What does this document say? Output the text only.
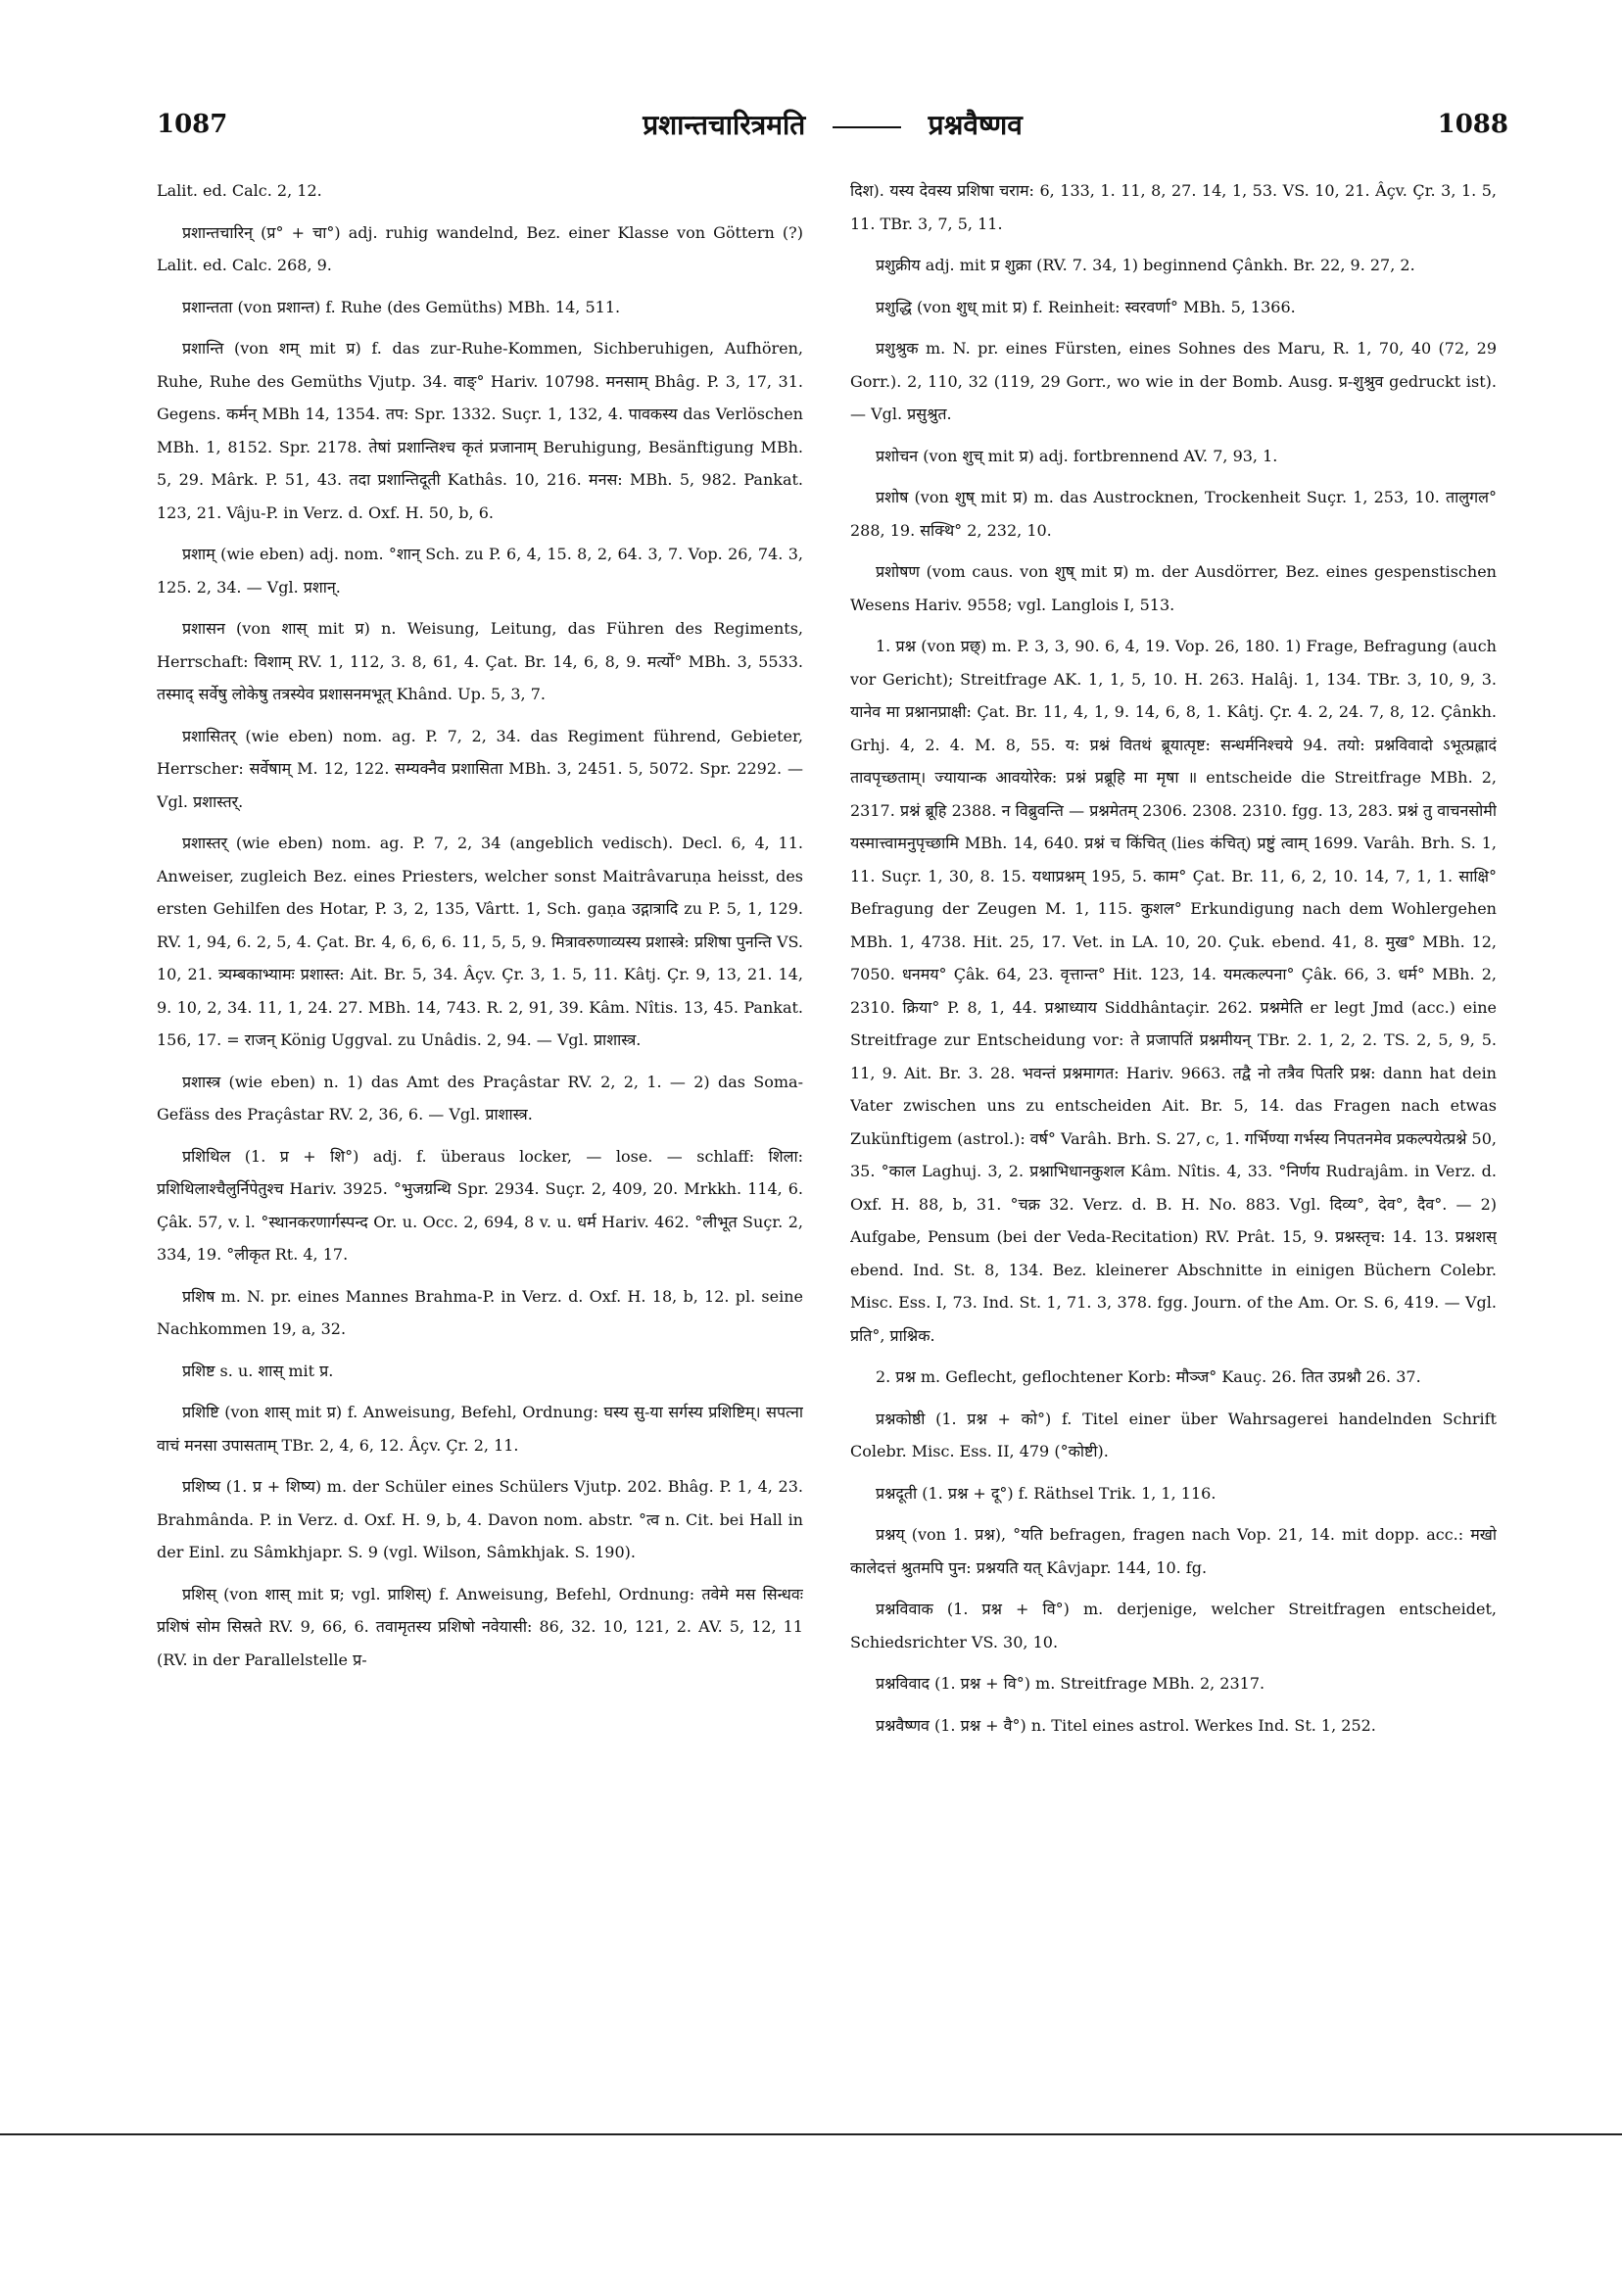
1087	प्रशान्तचारित्रमति	प्रश्नवैष्णव	1088

Lalit. ed. Calc. 2, 12.

प्रशान्तचारिन् (प्र° + चा°) adj. ruhig wandelnd, Bez. einer Klasse von Göttern (?) Lalit. ed. Calc. 268, 9.

प्रशान्तता (von प्रशान्त) f. Ruhe (des Gemüths) MBh. 14, 511.

प्रशान्ति (von शम् mit प्र) f. das zur-Ruhe-Kommen, Sichberuhigen, Aufhören, Ruhe, Ruhe des Gemüths Vjutp. 34. वाङ्° Hariv. 10798. मनसाम् Bhâg. P. 3, 17, 31. Gegens. कर्मन् MBh 14, 1354. तप: Spr. 1332. Suçr. 1, 132, 4. पावकस्य das Verlöschen MBh. 1, 8152. Spr. 2178. तेषां प्रशान्तिश्च कृतं प्रजानाम् Beruhigung, Besänftigung MBh. 5, 29. Mârk. P. 51, 43. तदा प्रशान्तिदूती Kathâs. 10, 216. मनस: MBh. 5, 982. Pankat. 123, 21. Vâju-P. in Verz. d. Oxf. H. 50, b, 6.

प्रशाम् (wie eben) adj. nom. °शान् Sch. zu P. 6, 4, 15. 8, 2, 64. 3, 7. Vop. 26, 74. 3, 125. 2, 34. — Vgl. प्रशान्.

प्रशासन (von शास् mit प्र) n. Weisung, Leitung, das Führen des Regiments, Herrschaft: विशाम् RV. 1, 112, 3. 8, 61, 4. Çat. Br. 14, 6, 8, 9. मर्त्यो° MBh. 3, 5533. तस्माद् सर्वेषु लोकेषु तत्रस्येव प्रशासनमभूत् Khând. Up. 5, 3, 7.

प्रशासितर् (wie eben) nom. ag. P. 7, 2, 34. das Regiment führend, Gebieter, Herrscher: सर्वेषाम् M. 12, 122. सम्यक्नैव प्रशासिता MBh. 3, 2451. 5, 5072. Spr. 2292. — Vgl. प्रशास्तर्.

प्रशास्तर् (wie eben) nom. ag. P. 7, 2, 34 (angeblich vedisch). Decl. 6, 4, 11. Anweiser, zugleich Bez. eines Priesters, welcher sonst Maitrâvaruṇa heisst, des ersten Gehilfen des Hotar, P. 3, 2, 135, Vârtt. 1, Sch. gaṇa उद्गात्रादि zu P. 5, 1, 129. RV. 1, 94, 6. 2, 5, 4. Çat. Br. 4, 6, 6, 6. 11, 5, 5, 9. मित्रावरुणाव्यस्य प्रशास्त्रे: प्रशिषा पुनन्ति VS. 10, 21. त्र्यम्बकाभ्यामः प्रशास्त: Ait. Br. 5, 34. Âçv. Çr. 3, 1. 5, 11. Kâtj. Çr. 9, 13, 21. 14, 9. 10, 2, 34. 11, 1, 24. 27. MBh. 14, 743. R. 2, 91, 39. Kâm. Nîtis. 13, 45. Pankat. 156, 17. = राजन् König Uggval. zu Unâdis. 2, 94. — Vgl. प्राशास्त्र.

प्रशास्त्र (wie eben) n. 1) das Amt des Praçâstar RV. 2, 2, 1. — 2) das Soma-Gefäss des Praçâstar RV. 2, 36, 6. — Vgl. प्राशास्त्र.

प्रशिथिल (1. प्र + शि°) adj. f. überaus locker, — lose. — schlaff: शिला: प्रशिथिलाश्चैलुर्निपेतुश्च Hariv. 3925. °भुजग्रन्थि Spr. 2934. Suçr. 2, 409, 20. Mrkkh. 114, 6. Çâk. 57, v. l. °स्थानकरणार्गस्पन्द Or. u. Occ. 2, 694, 8 v. u. धर्म Hariv. 462. °लीभूत Suçr. 2, 334, 19. °लीकृत Rt. 4, 17.

प्रशिष m. N. pr. eines Mannes Brahma-P. in Verz. d. Oxf. H. 18, b, 12. pl. seine Nachkommen 19, a, 32.

प्रशिष्ट s. u. शास् mit प्र.

प्रशिष्टि (von शास् mit प्र) f. Anweisung, Befehl, Ordnung: घस्य सु-या सर्गस्य प्रशिष्टिम्। सपत्ना वाचं मनसा उपासताम् TBr. 2, 4, 6, 12. Âçv. Çr. 2, 11.

प्रशिष्य (1. प्र + शिष्य) m. der Schüler eines Schülers Vjutp. 202. Bhâg. P. 1, 4, 23. Brahmânda. P. in Verz. d. Oxf. H. 9, b, 4. Davon nom. abstr. °त्व n. Cit. bei Hall in der Einl. zu Sâmkhjapr. S. 9 (vgl. Wilson, Sâmkhjak. S. 190).

प्रशिस् (von शास् mit प्र; vgl. प्राशिस्) f. Anweisung, Befehl, Ordnung: तवेमे मस सिन्धवः प्रशिषं सोम सिस्रते RV. 9, 66, 6. तवामृतस्य प्रशिषो नवेयासी: 86, 32. 10, 121, 2. AV. 5, 12, 11 (RV. in der Parallelstelle प्र-

दिश). यस्य देवस्य प्रशिषा चराम: 6, 133, 1. 11, 8, 27. 14, 1, 53. VS. 10, 21. Âçv. Çr. 3, 1. 5, 11. TBr. 3, 7, 5, 11.

प्रशुक्रीय adj. mit प्र शुक्रा (RV. 7. 34, 1) beginnend Çânkh. Br. 22, 9. 27, 2.

प्रशुद्धि (von शुध् mit प्र) f. Reinheit: स्वरवर्णा° MBh. 5, 1366.

प्रशुश्रुक m. N. pr. eines Fürsten, eines Sohnes des Maru, R. 1, 70, 40 (72, 29 Gorr.). 2, 110, 32 (119, 29 Gorr., wo wie in der Bomb. Ausg. प्र-शुश्रुव gedruckt ist). — Vgl. प्रसुश्रुत.

प्रशोचन (von शुच् mit प्र) adj. fortbrennend AV. 7, 93, 1.

प्रशोष (von शुष् mit प्र) m. das Austrocknen, Trockenheit Suçr. 1, 253, 10. तालुगल° 288, 19. सक्थि° 2, 232, 10.

प्रशोषण (vom caus. von शुष् mit प्र) m. der Ausdörrer, Bez. eines gespenstischen Wesens Hariv. 9558; vgl. Langlois I, 513.

1. प्रश्न (von प्रछ्) m. P. 3, 3, 90. 6, 4, 19. Vop. 26, 180. 1) Frage, Befragung (auch vor Gericht); Streitfrage AK. 1, 1, 5, 10. H. 263. Halâj. 1, 134. TBr. 3, 10, 9, 3. यानेव मा प्रश्नानप्राक्षी: Çat. Br. 11, 4, 1, 9. 14, 6, 8, 1. Kâtj. Çr. 4. 2, 24. 7, 8, 12. Çânkh. Grhj. 4, 2. 4. M. 8, 55. य: प्रश्नं वितथं ब्रूयात्पृष्ट: सन्धर्मनिश्चये 94. तयो: प्रश्नविवादो ऽभूत्प्रह्लादं तावपृच्छताम्। ज्यायान्क आवयोरेक: प्रश्नं प्रब्रूहि मा मृषा ॥ entscheide die Streitfrage MBh. 2, 2317. प्रश्नं ब्रूहि 2388. न विब्रुवन्ति — प्रश्नमेतम् 2306. 2308. 2310. fgg. 13, 283. प्रश्नं तु वाचनसोमी यस्मात्त्वामनुपृच्छामि MBh. 14, 640. प्रश्नं च किंचित् (lies कंचित्) प्रष्टुं त्वाम् 1699. Varâh. Brh. S. 1, 11. Suçr. 1, 30, 8. 15. यथाप्रश्नम् 195, 5. काम° Çat. Br. 11, 6, 2, 10. 14, 7, 1, 1. साक्षि° Befragung der Zeugen M. 1, 115. कुशल° Erkundigung nach dem Wohlergehen MBh. 1, 4738. Hit. 25, 17. Vet. in LA. 10, 20. Çuk. ebend. 41, 8. मुख° MBh. 12, 7050. धनमय° Çâk. 64, 23. वृत्तान्त° Hit. 123, 14. यमत्कल्पना° Çâk. 66, 3. धर्म° MBh. 2, 2310. क्रिया° P. 8, 1, 44. प्रश्नाध्याय Siddhântaçir. 262. प्रश्नमेति er legt Jmd (acc.) eine Streitfrage zur Entscheidung vor: ते प्रजापतिं प्रश्नमीयन् TBr. 2. 1, 2, 2. TS. 2, 5, 9, 5. 11, 9. Ait. Br. 3. 28. भवन्तं प्रश्नमागत: Hariv. 9663. तद्वै नो तत्रैव पितरि प्रश्न: dann hat dein Vater zwischen uns zu entscheiden Ait. Br. 5, 14. das Fragen nach etwas Zukünftigem (astrol.): वर्ष° Varâh. Brh. S. 27, c, 1. गर्भिण्या गर्भस्य निपतनमेव प्रकल्पयेत्प्रश्ने 50, 35. °काल Laghuj. 3, 2. प्रश्नाभिधानकुशल Kâm. Nîtis. 4, 33. °निर्णय Rudrajâm. in Verz. d. Oxf. H. 88, b, 31. °चक्र 32. Verz. d. B. H. No. 883. Vgl. दिव्य°, देव°, दैव°. — 2) Aufgabe, Pensum (bei der Veda-Recitation) RV. Prât. 15, 9. प्रश्नस्तृच: 14. 13. प्रश्नशस् ebend. Ind. St. 8, 134. Bez. kleinerer Abschnitte in einigen Büchern Colebr. Misc. Ess. I, 73. Ind. St. 1, 71. 3, 378. fgg. Journ. of the Am. Or. S. 6, 419. — Vgl. प्रति°, प्राश्निक.

2. प्रश्न m. Geflecht, geflochtener Korb: मौञ्ज° Kauç. 26. तित उप्रश्नौ 26. 37.

प्रश्नकोष्ठी (1. प्रश्न + को°) f. Titel einer über Wahrsagerei handelnden Schrift Colebr. Misc. Ess. II, 479 (°कोष्टी).

प्रश्नदूती (1. प्रश्न + दू°) f. Räthsel Trik. 1, 1, 116.

प्रश्नय् (von 1. प्रश्न), °यति befragen, fragen nach Vop. 21, 14. mit dopp. acc.: मखो कालेदत्तं श्रुतमपि पुन: प्रश्नयति यत् Kâvjapr. 144, 10. fg.

प्रश्नविवाक (1. प्रश्न + वि°) m. derjenige, welcher Streitfragen entscheidet, Schiedsrichter VS. 30, 10.

प्रश्नविवाद (1. प्रश्न + वि°) m. Streitfrage MBh. 2, 2317.

प्रश्नवैष्णव (1. प्रश्न + वै°) n. Titel eines astrol. Werkes Ind. St. 1, 252.
